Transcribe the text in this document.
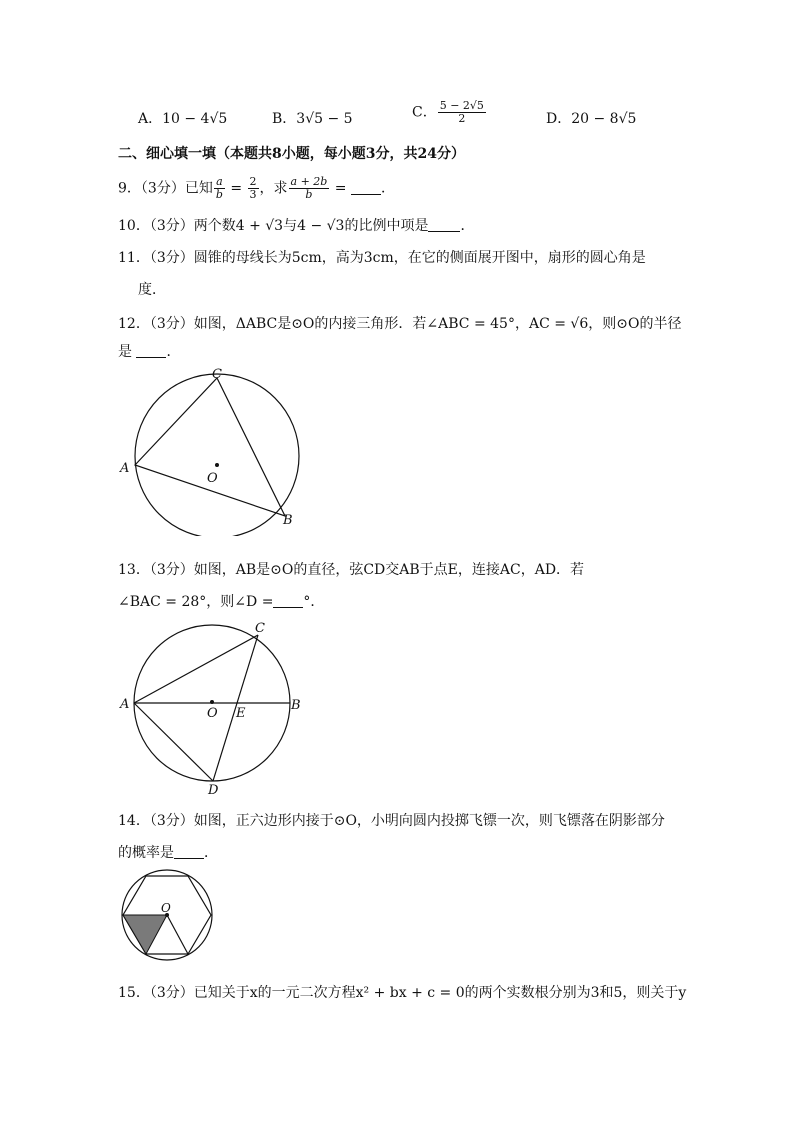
A．10 − 4√5	B．3√5 − 5	C． $\frac{5 - 2√5}{2}$	D．20 − 8√5
二、细心填一填（本题共8小题，每小题3分，共24分）
9．（3分）已知 $\frac{a}{b} = \frac{2}{3}$ ，求 $\frac{a + 2b}{b}$ = ．
10．（3分）两个数4 + √3与4 − √3的比例中项是 ．
11．（3分）圆锥的母线长为5cm，高为3cm，在它的侧面展开图中，扇形的圆心角是
度．
12．（3分）如图，ΔABC是⊙O的内接三角形．若∠ABC = 45°，AC = √6，则⊙O的半径
是 ．
C
A
O
B
13．（3分）如图，AB是⊙O的直径，弦CD交AB于点E，连接AC，AD．若
∠BAC = 28°，则∠D = °．
C
A
O E
B
D
14．（3分）如图，正六边形内接于⊙O，小明向圆内投掷飞镖一次，则飞镖落在阴影部分
的概率是 ．
O
15．（3分）已知关于x的一元二次方程x² + bx + c = 0的两个实数根分别为3和5，则关于y
